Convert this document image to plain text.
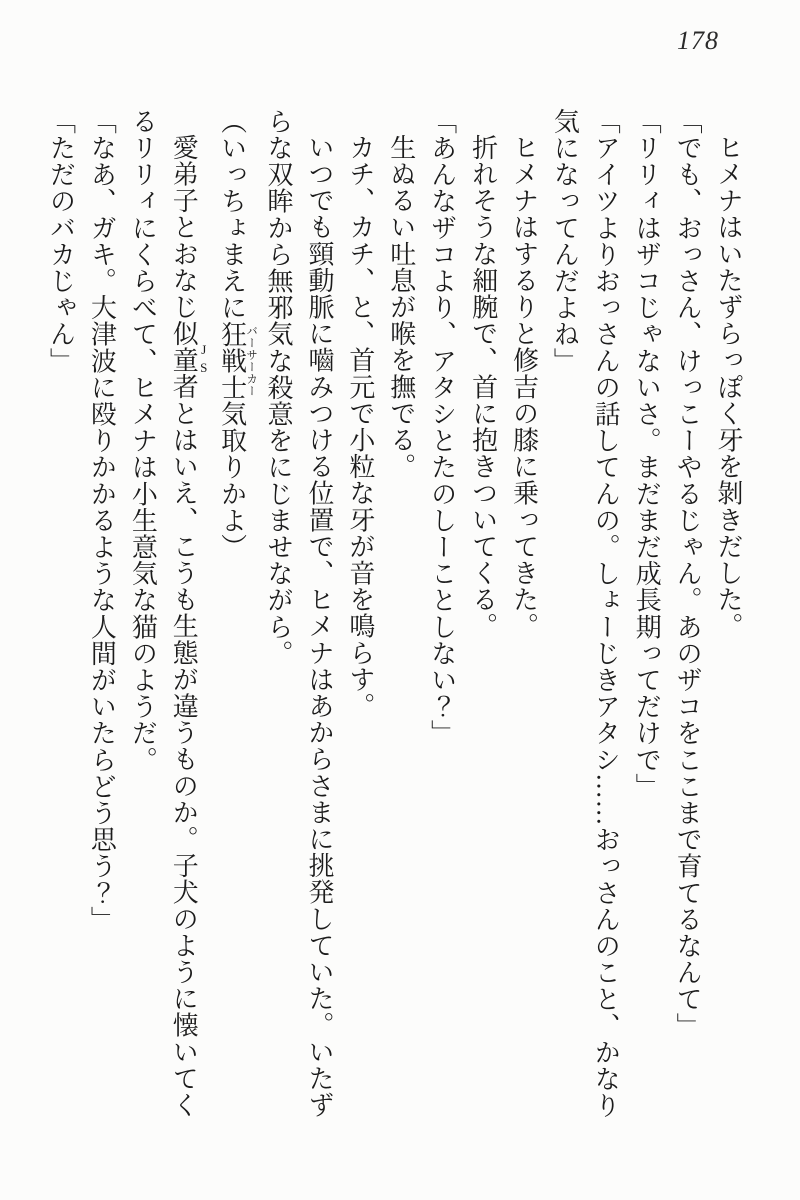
178
ヒメナはいたずらっぽく牙を剝きだした。
「でも、おっさん、けっこーやるじゃん。あのザコをここまで育てるなんて」
「リリィはザコじゃないさ。まだまだ成長期ってだけで」
「アイツよりおっさんの話してんの。しょーじきアタシ……おっさんのこと、かなり
気になってんだよね」
ヒメナはするりと修吉の膝に乗ってきた。
折れそうな細腕で、首に抱きついてくる。
「あんなザコより、アタシとたのしーことしない？」
生ぬるい吐息が喉を撫でる。
カチ、カチ、と、首元で小粒な牙が音を鳴らす。
いつでも頸動脈に嚙みつける位置で、ヒメナはあからさまに挑発していた。いたず
らな双眸から無邪気な殺意をにじませながら。
（いっちょまえに狂戦士バーサーカー気取りかよ）
愛弟子とおなじ似童者JSとはいえ、こうも生態が違うものか。子犬のように懐いてく
るリリィにくらべて、ヒメナは小生意気な猫のようだ。
「なあ、ガキ。大津波に殴りかかるような人間がいたらどう思う？」
「ただのバカじゃん」
